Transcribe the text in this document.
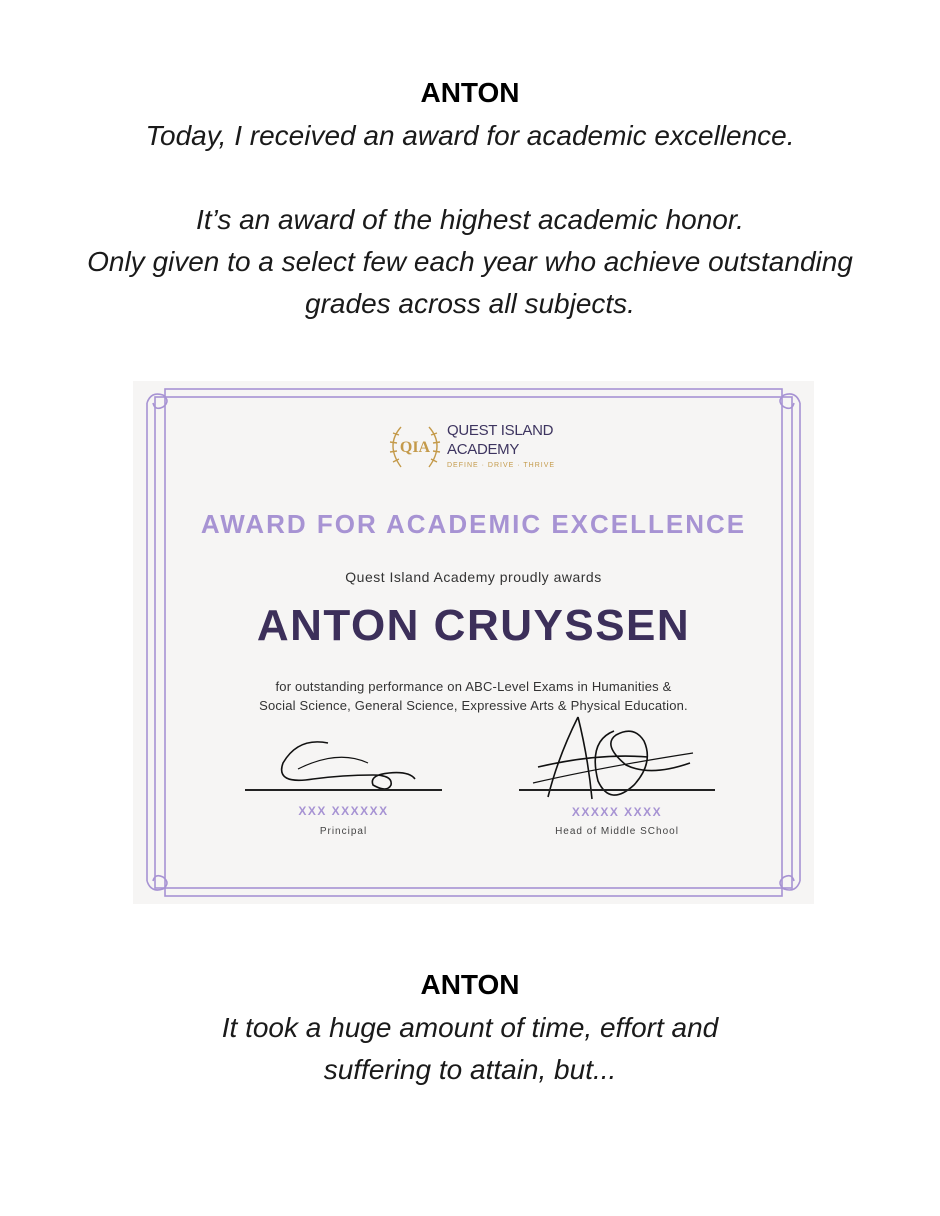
ANTON
Today, I received an award for academic excellence.
It’s an award of the highest academic honor.
Only given to a select few each year who achieve outstanding
grades across all subjects.
QIA
QUEST ISLAND
ACADEMY
DEFINE · DRIVE · THRIVE
AWARD FOR ACADEMIC EXCELLENCE
Quest Island Academy proudly awards
ANTON CRUYSSEN
for outstanding performance on ABC-Level Exams in Humanities &
Social Science, General Science, Expressive Arts & Physical Education.
XXX XXXXXX
Principal
XXXXX XXXX
Head of Middle SChool
ANTON
It took a huge amount of time, effort and
suffering to attain, but...
